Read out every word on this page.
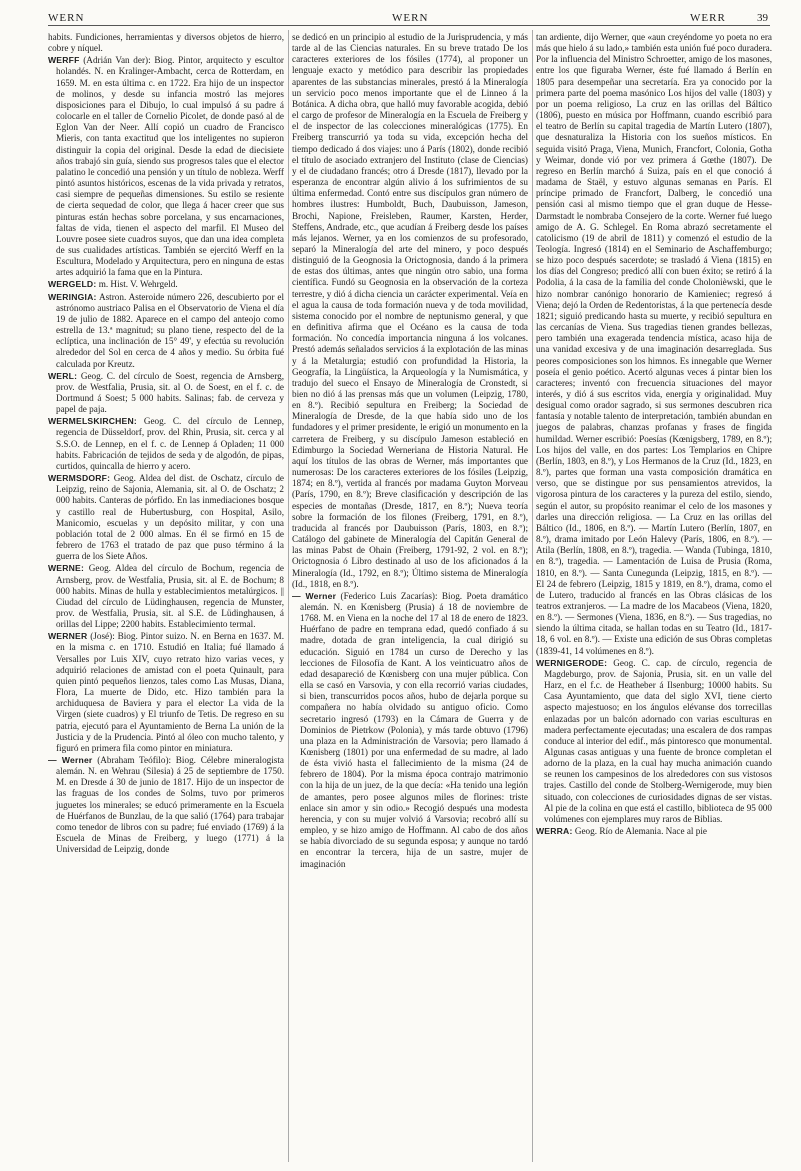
WERN	WERN	WERR	39

habits. Fundiciones, herramientas y diversos objetos de hierro, cobre y níquel.

WERFF (Adrián Van der): Biog. Pintor, arquitecto y escultor holandés. N. en Kralinger-Ambacht, cerca de Rotterdam, en 1659. M. en esta última c. en 1722. Era hijo de un inspector de molinos, y desde su infancia mostró las mejores disposiciones para el Dibujo, lo cual impulsó á su padre á colocarle en el taller de Cornelio Picolet, de donde pasó al de Eglon Van der Neer. Allí copió un cuadro de Francisco Mieris, con tanta exactitud que los inteligentes no supieron distinguir la copia del original. Desde la edad de diecisiete años trabajó sin guía, siendo sus progresos tales que el elector palatino le concedió una pensión y un título de nobleza. Werff pintó asuntos históricos, escenas de la vida privada y retratos, casi siempre de pequeñas dimensiones. Su estilo se resiente de cierta sequedad de color, que llega á hacer creer que sus pinturas están hechas sobre porcelana, y sus encarnaciones, faltas de vida, tienen el aspecto del marfil. El Museo del Louvre posee siete cuadros suyos, que dan una idea completa de sus cualidades artísticas. También se ejercitó Werff en la Escultura, Modelado y Arquitectura, pero en ninguna de estas artes adquirió la fama que en la Pintura.

WERGELD: m. Hist. V. Wehrgeld.

WERINGIA: Astron. Asteroide número 226, descubierto por el astrónomo austriaco Palisa en el Observatorio de Viena el día 19 de julio de 1882. Aparece en el campo del anteojo como estrella de 13.ª magnitud; su plano tiene, respecto del de la eclíptica, una inclinación de 15° 49', y efectúa su revolución alrededor del Sol en cerca de 4 años y medio. Su órbita fué calculada por Kreutz.

WERL: Geog. C. del círculo de Soest, regencia de Arnsberg, prov. de Westfalia, Prusia, sit. al O. de Soest, en el f. c. de Dortmund á Soest; 5 000 habits. Salinas; fab. de cerveza y papel de paja.

WERMELSKIRCHEN: Geog. C. del círculo de Lennep, regencia de Düsseldorf, prov. del Rhin, Prusia, sit. cerca y al S.S.O. de Lennep, en el f. c. de Lennep á Opladen; 11 000 habits. Fabricación de tejidos de seda y de algodón, de pipas, curtidos, quincalla de hierro y acero.

WERMSDORF: Geog. Aldea del dist. de Oschatz, círculo de Leipzig, reino de Sajonia, Alemania, sit. al O. de Oschatz; 2 000 habits. Canteras de pórfido. En las inmediaciones bosque y castillo real de Hubertusburg, con Hospital, Asilo, Manicomio, escuelas y un depósito militar, y con una población total de 2 000 almas. En él se firmó en 15 de febrero de 1763 el tratado de paz que puso término á la guerra de los Siete Años.

WERNE: Geog. Aldea del círculo de Bochum, regencia de Arnsberg, prov. de Westfalia, Prusia, sit. al E. de Bochum; 8 000 habits. Minas de hulla y establecimientos metalúrgicos. || Ciudad del círculo de Lüdinghausen, regencia de Munster, prov. de Westfalia, Prusia, sit. al S.E. de Lüdinghausen, á orillas del Lippe; 2200 habits. Establecimiento termal.

WERNER (José): Biog. Pintor suizo. N. en Berna en 1637. M. en la misma c. en 1710. Estudió en Italia; fué llamado á Versalles por Luis XIV, cuyo retrato hizo varias veces, y adquirió relaciones de amistad con el poeta Quinault, para quien pintó pequeños lienzos, tales como Las Musas, Diana, Flora, La muerte de Dido, etc. Hizo también para la archiduquesa de Baviera y para el elector La vida de la Virgen (siete cuadros) y El triunfo de Tetis. De regreso en su patria, ejecutó para el Ayuntamiento de Berna La unión de la Justicia y de la Prudencia. Pintó al óleo con mucho talento, y figuró en primera fila como pintor en miniatura.

— Werner (Abraham Teófilo): Biog. Célebre mineralogista alemán. N. en Wehrau (Silesia) á 25 de septiembre de 1750. M. en Dresde á 30 de junio de 1817. Hijo de un inspector de las fraguas de los condes de Solms, tuvo por primeros juguetes los minerales; se educó primeramente en la Escuela de Huérfanos de Bunzlau, de la que salió (1764) para trabajar como tenedor de libros con su padre; fué enviado (1769) á la Escuela de Minas de Freiberg, y luego (1771) á la Universidad de Leipzig, donde

se dedicó en un principio al estudio de la Jurisprudencia, y más tarde al de las Ciencias naturales. En su breve tratado De los caracteres exteriores de los fósiles (1774), al proponer un lenguaje exacto y metódico para describir las propiedades aparentes de las substancias minerales, prestó á la Mineralogía un servicio poco menos importante que el de Linneo á la Botánica. A dicha obra, que halló muy favorable acogida, debió el cargo de profesor de Mineralogía en la Escuela de Freiberg y el de inspector de las colecciones mineralógicas (1775). En Freiberg transcurrió ya toda su vida, excepción hecha del tiempo dedicado á dos viajes: uno á París (1802), donde recibió el título de asociado extranjero del Instituto (clase de Ciencias) y el de ciudadano francés; otro á Dresde (1817), llevado por la esperanza de encontrar algún alivio á los sufrimientos de su última enfermedad. Contó entre sus discípulos gran número de hombres ilustres: Humboldt, Buch, Daubuisson, Jameson, Brochi, Napione, Freisleben, Raumer, Karsten, Herder, Steffens, Andrade, etc., que acudían á Freiberg desde los países más lejanos. Werner, ya en los comienzos de su profesorado, separó la Mineralogía del arte del minero, y poco después distinguió de la Geognosia la Orictognosia, dando á la primera de estas dos últimas, antes que ningún otro sabio, una forma científica. Fundó su Geognosia en la observación de la corteza terrestre, y dió á dicha ciencia un carácter experimental. Veía en el agua la causa de toda formación nueva y de toda movilidad, sistema conocido por el nombre de neptunismo general, y que en definitiva afirma que el Océano es la causa de toda formación. No concedía importancia ninguna á los volcanes. Prestó además señalados servicios á la explotación de las minas y á la Metalurgia; estudió con profundidad la Historia, la Geografía, la Lingüística, la Arqueología y la Numismática, y tradujo del sueco el Ensayo de Mineralogía de Cronstedt, si bien no dió á las prensas más que un volumen (Leipzig, 1780, en 8.º). Recibió sepultura en Freiberg; la Sociedad de Mineralogía de Dresde, de la que había sido uno de los fundadores y el primer presidente, le erigió un monumento en la carretera de Freiberg, y su discípulo Jameson estableció en Edimburgo la Sociedad Werneriana de Historia Natural. He aquí los títulos de las obras de Werner, más importantes que numerosas: De los caracteres exteriores de los fósiles (Leipzig, 1874; en 8.º), vertida al francés por madama Guyton Morveau (París, 1790, en 8.º); Breve clasificación y descripción de las especies de montañas (Dresde, 1817, en 8.º); Nueva teoría sobre la formación de los filones (Freiberg, 1791, en 8.º), traducida al francés por Daubuisson (París, 1803, en 8.º); Catálogo del gabinete de Mineralogía del Capitán General de las minas Pabst de Ohain (Freiberg, 1791-92, 2 vol. en 8.º); Orictognosia ó Libro destinado al uso de los aficionados á la Mineralogía (Id., 1792, en 8.º); Último sistema de Mineralogía (Id., 1818, en 8.º).

— Werner (Federico Luis Zacarías): Biog. Poeta dramático alemán. N. en Kœnisberg (Prusia) á 18 de noviembre de 1768. M. en Viena en la noche del 17 al 18 de enero de 1823. Huérfano de padre en temprana edad, quedó confiado á su madre, dotada de gran inteligencia, la cual dirigió su educación. Siguió en 1784 un curso de Derecho y las lecciones de Filosofía de Kant. A los veinticuatro años de edad desapareció de Kœnisberg con una mujer pública. Con ella se casó en Varsovia, y con ella recorrió varias ciudades, si bien, transcurridos pocos años, hubo de dejarla porque su compañera no había olvidado su antiguo oficio. Como secretario ingresó (1793) en la Cámara de Guerra y de Dominios de Pietrkow (Polonia), y más tarde obtuvo (1796) una plaza en la Administración de Varsovia; pero llamado á Kœnisberg (1801) por una enfermedad de su madre, al lado de ésta vivió hasta el fallecimiento de la misma (24 de febrero de 1804). Por la misma época contrajo matrimonio con la hija de un juez, de la que decía: «Ha tenido una legión de amantes, pero posee algunos miles de florines: triste enlace sin amor y sin odio.» Recogió después una modesta herencia, y con su mujer volvió á Varsovia; recobró allí su empleo, y se hizo amigo de Hoffmann. Al cabo de dos años se había divorciado de su segunda esposa; y aunque no tardó en encontrar la tercera, hija de un sastre, mujer de imaginación

tan ardiente, dijo Werner, que «aun creyéndome yo poeta no era más que hielo á su lado,» también esta unión fué poco duradera. Por la influencia del Ministro Schroetter, amigo de los masones, entre los que figuraba Werner, éste fué llamado á Berlín en 1805 para desempeñar una secretaría. Era ya conocido por la primera parte del poema masónico Los hijos del valle (1803) y por un poema religioso, La cruz en las orillas del Báltico (1806), puesto en música por Hoffmann, cuando escribió para el teatro de Berlín su capital tragedia de Martín Lutero (1807), que desnaturaliza la Historia con los sueños místicos. En seguida visitó Praga, Viena, Munich, Francfort, Colonia, Gotha y Weimar, donde vió por vez primera á Gœthe (1807). De regreso en Berlín marchó á Suiza, país en el que conoció á madama de Staël, y estuvo algunas semanas en París. El príncipe primado de Francfort, Dalberg, le concedió una pensión casi al mismo tiempo que el gran duque de Hesse-Darmstadt le nombraba Consejero de la corte. Werner fué luego amigo de A. G. Schlegel. En Roma abrazó secretamente el catolicismo (19 de abril de 1811) y comenzó el estudio de la Teología. Ingresó (1814) en el Seminario de Aschaffemburgo; se hizo poco después sacerdote; se trasladó á Viena (1815) en los días del Congreso; predicó allí con buen éxito; se retiró á la Podolia, á la casa de la familia del conde Cholonièwski, que le hizo nombrar canónigo honorario de Kamieniec; regresó á Viena; dejó la Orden de Redentoristas, á la que pertenecía desde 1821; siguió predicando hasta su muerte, y recibió sepultura en las cercanías de Viena. Sus tragedias tienen grandes bellezas, pero también una exagerada tendencia mística, acaso hija de una vanidad excesiva y de una imaginación desarreglada. Sus peores composiciones son los himnos. Es innegable que Werner poseía el genio poético. Acertó algunas veces á pintar bien los caracteres; inventó con frecuencia situaciones del mayor interés, y dió á sus escritos vida, energía y originalidad. Muy desigual como orador sagrado, si sus sermones descubren rica fantasía y notable talento de interpretación, también abundan en juegos de palabras, chanzas profanas y frases de fingida humildad. Werner escribió: Poesías (Kœnigsberg, 1789, en 8.º); Los hijos del valle, en dos partes: Los Templarios en Chipre (Berlín, 1803, en 8.º), y Los Hermanos de la Cruz (Id., 1823, en 8.º), partes que forman una vasta composición dramática en verso, que se distingue por sus pensamientos atrevidos, la vigorosa pintura de los caracteres y la pureza del estilo, siendo, según el autor, su propósito reanimar el celo de los masones y darles una dirección religiosa. — La Cruz en las orillas del Báltico (Id., 1806, en 8.º). — Martín Lutero (Berlín, 1807, en 8.º), drama imitado por León Halevy (París, 1806, en 8.º). — Atila (Berlín, 1808, en 8.º), tragedia. — Wanda (Tubinga, 1810, en 8.º), tragedia. — Lamentación de Luisa de Prusia (Roma, 1810, en 8.º). — Santa Cunegunda (Leipzig, 1815, en 8.º). — El 24 de febrero (Leipzig, 1815 y 1819, en 8.º), drama, como el de Lutero, traducido al francés en las Obras clásicas de los teatros extranjeros. — La madre de los Macabeos (Viena, 1820, en 8.º). — Sermones (Viena, 1836, en 8.º). — Sus tragedias, no siendo la última citada, se hallan todas en su Teatro (Id., 1817-18, 6 vol. en 8.º). — Existe una edición de sus Obras completas (1839-41, 14 volúmenes en 8.º).

WERNIGERODE: Geog. C. cap. de círculo, regencia de Magdeburgo, prov. de Sajonia, Prusia, sit. en un valle del Harz, en el f.c. de Heatheber á Ilsenburg; 10000 habits. Su Casa Ayuntamiento, que data del siglo XVI, tiene cierto aspecto majestuoso; en los ángulos elévanse dos torrecillas enlazadas por un balcón adornado con varias esculturas en madera perfectamente ejecutadas; una escalera de dos rampas conduce al interior del edif., más pintoresco que monumental. Algunas casas antiguas y una fuente de bronce completan el adorno de la plaza, en la cual hay mucha animación cuando se reunen los campesinos de los alrededores con sus vistosos trajes. Castillo del conde de Stolberg-Wernigerode, muy bien situado, con colecciones de curiosidades dignas de ser vistas. Al pie de la colina en que está el castillo, biblioteca de 95 000 volúmenes con ejemplares muy raros de Biblias.

WERRA: Geog. Río de Alemania. Nace al pie
